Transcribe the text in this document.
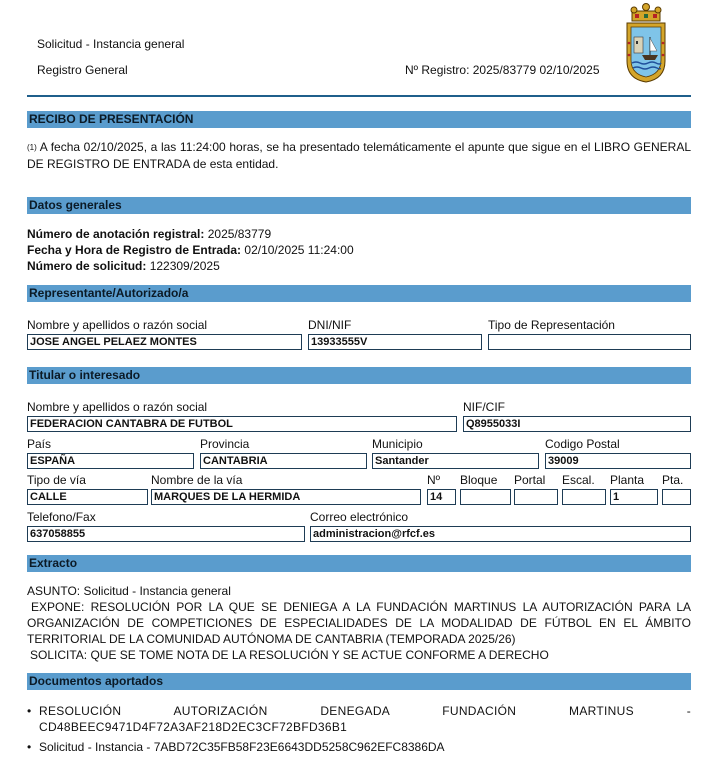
Solicitud - Instancia general
Registro General	Nº Registro: 2025/83779 02/10/2025
RECIBO DE PRESENTACIÓN
(1) A fecha 02/10/2025, a las 11:24:00 horas, se ha presentado telemáticamente el apunte que sigue en el LIBRO GENERAL DE REGISTRO DE ENTRADA de esta entidad.
Datos generales
Número de anotación registral: 2025/83779
Fecha y Hora de Registro de Entrada: 02/10/2025 11:24:00
Número de solicitud: 122309/2025
Representante/Autorizado/a
Nombre y apellidos o razón social
JOSE ANGEL PELAEZ MONTES
DNI/NIF
13933555V
Tipo de Representación
Titular o interesado
Nombre y apellidos o razón social
FEDERACION CANTABRA DE FUTBOL
NIF/CIF
Q8955033I
País
ESPAÑA
Provincia
CANTABRIA
Municipio
Santander
Codigo Postal
39009
Tipo de vía
CALLE
Nombre de la vía
MARQUES DE LA HERMIDA
Nº
14
Bloque Portal Escal. Planta
1
Pta.
Telefono/Fax
637058855
Correo electrónico
administracion@rfcf.es
Extracto
ASUNTO: Solicitud - Instancia general
EXPONE: RESOLUCIÓN POR LA QUE SE DENIEGA A LA FUNDACIÓN MARTINUS LA AUTORIZACIÓN PARA LA ORGANIZACIÓN DE COMPETICIONES DE ESPECIALIDADES DE LA MODALIDAD DE FÚTBOL EN EL ÁMBITO TERRITORIAL DE LA COMUNIDAD AUTÓNOMA DE CANTABRIA (TEMPORADA 2025/26)
SOLICITA: QUE SE TOME NOTA DE LA RESOLUCIÓN Y SE ACTUE CONFORME A DERECHO
Documentos aportados
• RESOLUCIÓN AUTORIZACIÓN DENEGADA FUNDACIÓN MARTINUS - CD48BEEC9471D4F72A3AF218D2EC3CF72BFD36B1
• Solicitud - Instancia - 7ABD72C35FB58F23E6643DD5258C962EFC8386DA
